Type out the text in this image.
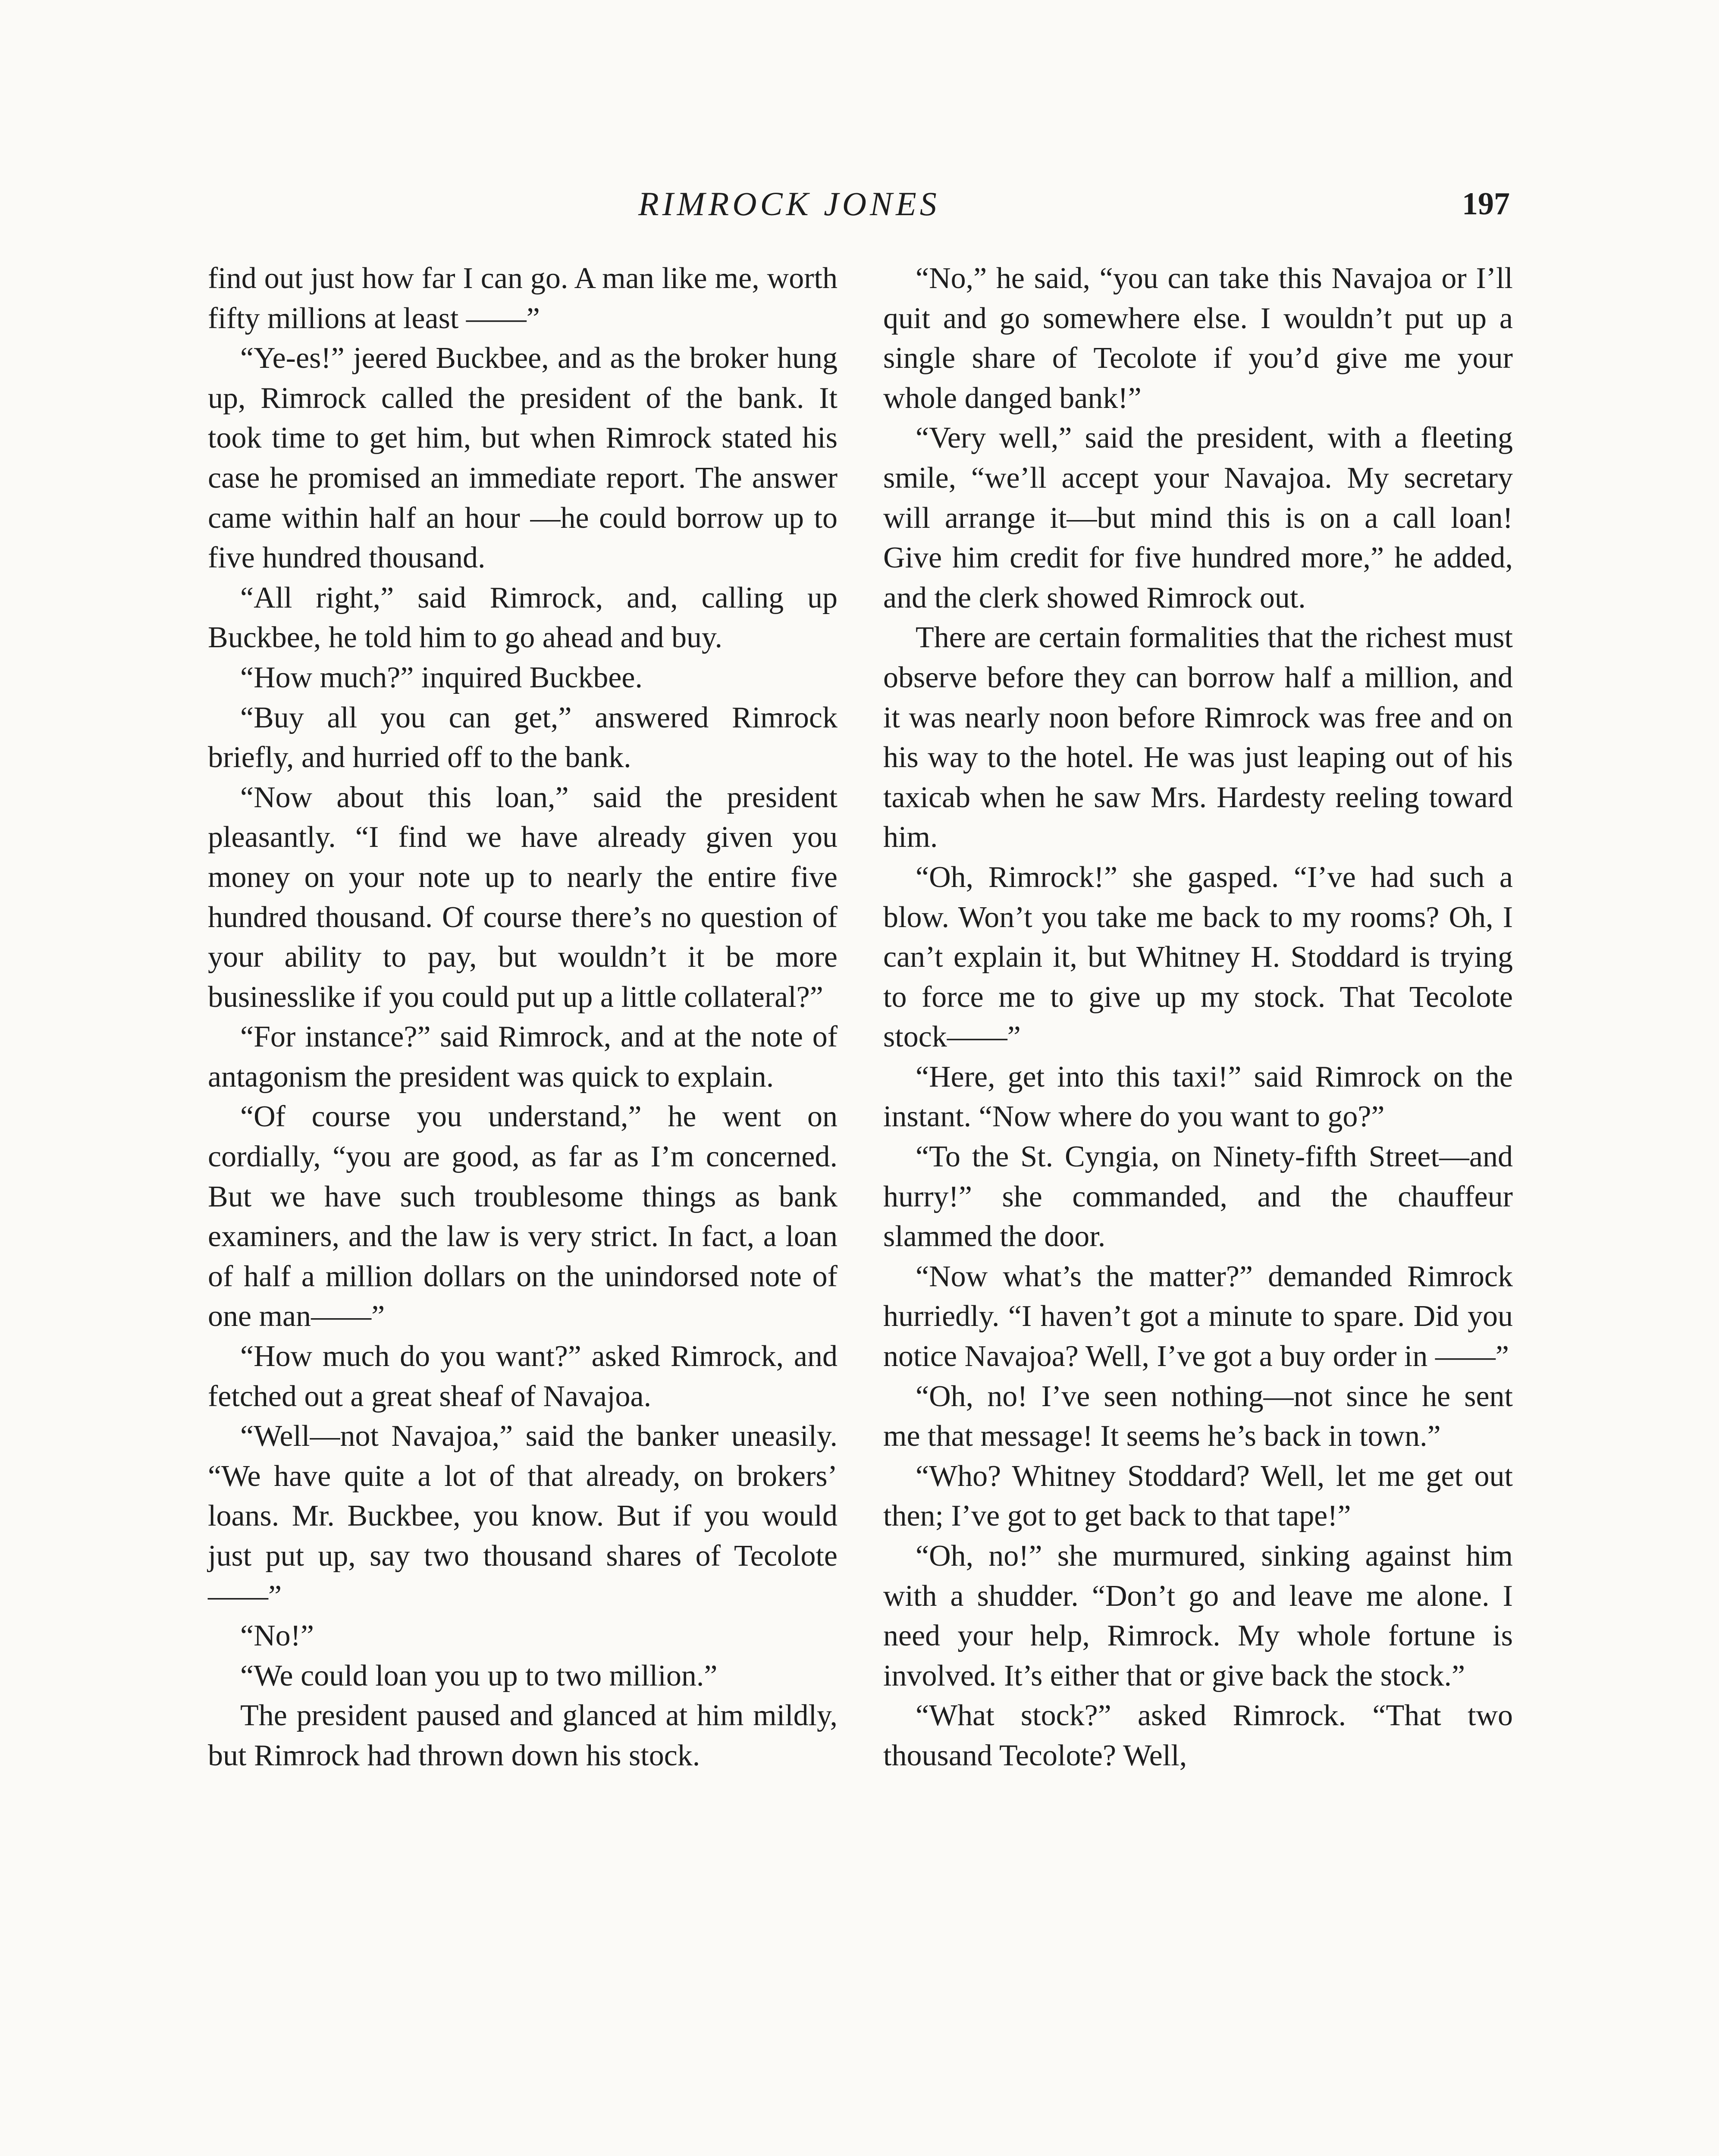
RIMROCK JONES	197

find out just how far I can go. A man like me, worth fifty millions at least ——”

“Ye-es!” jeered Buckbee, and as the broker hung up, Rimrock called the president of the bank. It took time to get him, but when Rimrock stated his case he promised an immediate report. The answer came within half an hour —he could borrow up to five hundred thousand.

“All right,” said Rimrock, and, calling up Buckbee, he told him to go ahead and buy.

“How much?” inquired Buckbee.

“Buy all you can get,” answered Rimrock briefly, and hurried off to the bank.

“Now about this loan,” said the president pleasantly. “I find we have already given you money on your note up to nearly the entire five hundred thousand. Of course there’s no question of your ability to pay, but wouldn’t it be more businesslike if you could put up a little collateral?”

“For instance?” said Rimrock, and at the note of antagonism the president was quick to explain.

“Of course you understand,” he went on cordially, “you are good, as far as I’m concerned. But we have such troublesome things as bank examiners, and the law is very strict. In fact, a loan of half a million dollars on the unindorsed note of one man——”

“How much do you want?” asked Rimrock, and fetched out a great sheaf of Navajoa.

“Well—not Navajoa,” said the banker uneasily. “We have quite a lot of that already, on brokers’ loans. Mr. Buckbee, you know. But if you would just put up, say two thousand shares of Tecolote——”

“No!”

“We could loan you up to two million.”

The president paused and glanced at him mildly, but Rimrock had thrown down his stock.

“No,” he said, “you can take this Navajoa or I’ll quit and go somewhere else. I wouldn’t put up a single share of Tecolote if you’d give me your whole danged bank!”

“Very well,” said the president, with a fleeting smile, “we’ll accept your Navajoa. My secretary will arrange it—but mind this is on a call loan! Give him credit for five hundred more,” he added, and the clerk showed Rimrock out.

There are certain formalities that the richest must observe before they can borrow half a million, and it was nearly noon before Rimrock was free and on his way to the hotel. He was just leaping out of his taxicab when he saw Mrs. Hardesty reeling toward him.

“Oh, Rimrock!” she gasped. “I’ve had such a blow. Won’t you take me back to my rooms? Oh, I can’t explain it, but Whitney H. Stoddard is trying to force me to give up my stock. That Tecolote stock——”

“Here, get into this taxi!” said Rimrock on the instant. “Now where do you want to go?”

“To the St. Cyngia, on Ninety-fifth Street—and hurry!” she commanded, and the chauffeur slammed the door.

“Now what’s the matter?” demanded Rimrock hurriedly. “I haven’t got a minute to spare. Did you notice Navajoa? Well, I’ve got a buy order in ——”

“Oh, no! I’ve seen nothing—not since he sent me that message! It seems he’s back in town.”

“Who? Whitney Stoddard? Well, let me get out then; I’ve got to get back to that tape!”

“Oh, no!” she murmured, sinking against him with a shudder. “Don’t go and leave me alone. I need your help, Rimrock. My whole fortune is involved. It’s either that or give back the stock.”

“What stock?” asked Rimrock. “That two thousand Tecolote? Well,
